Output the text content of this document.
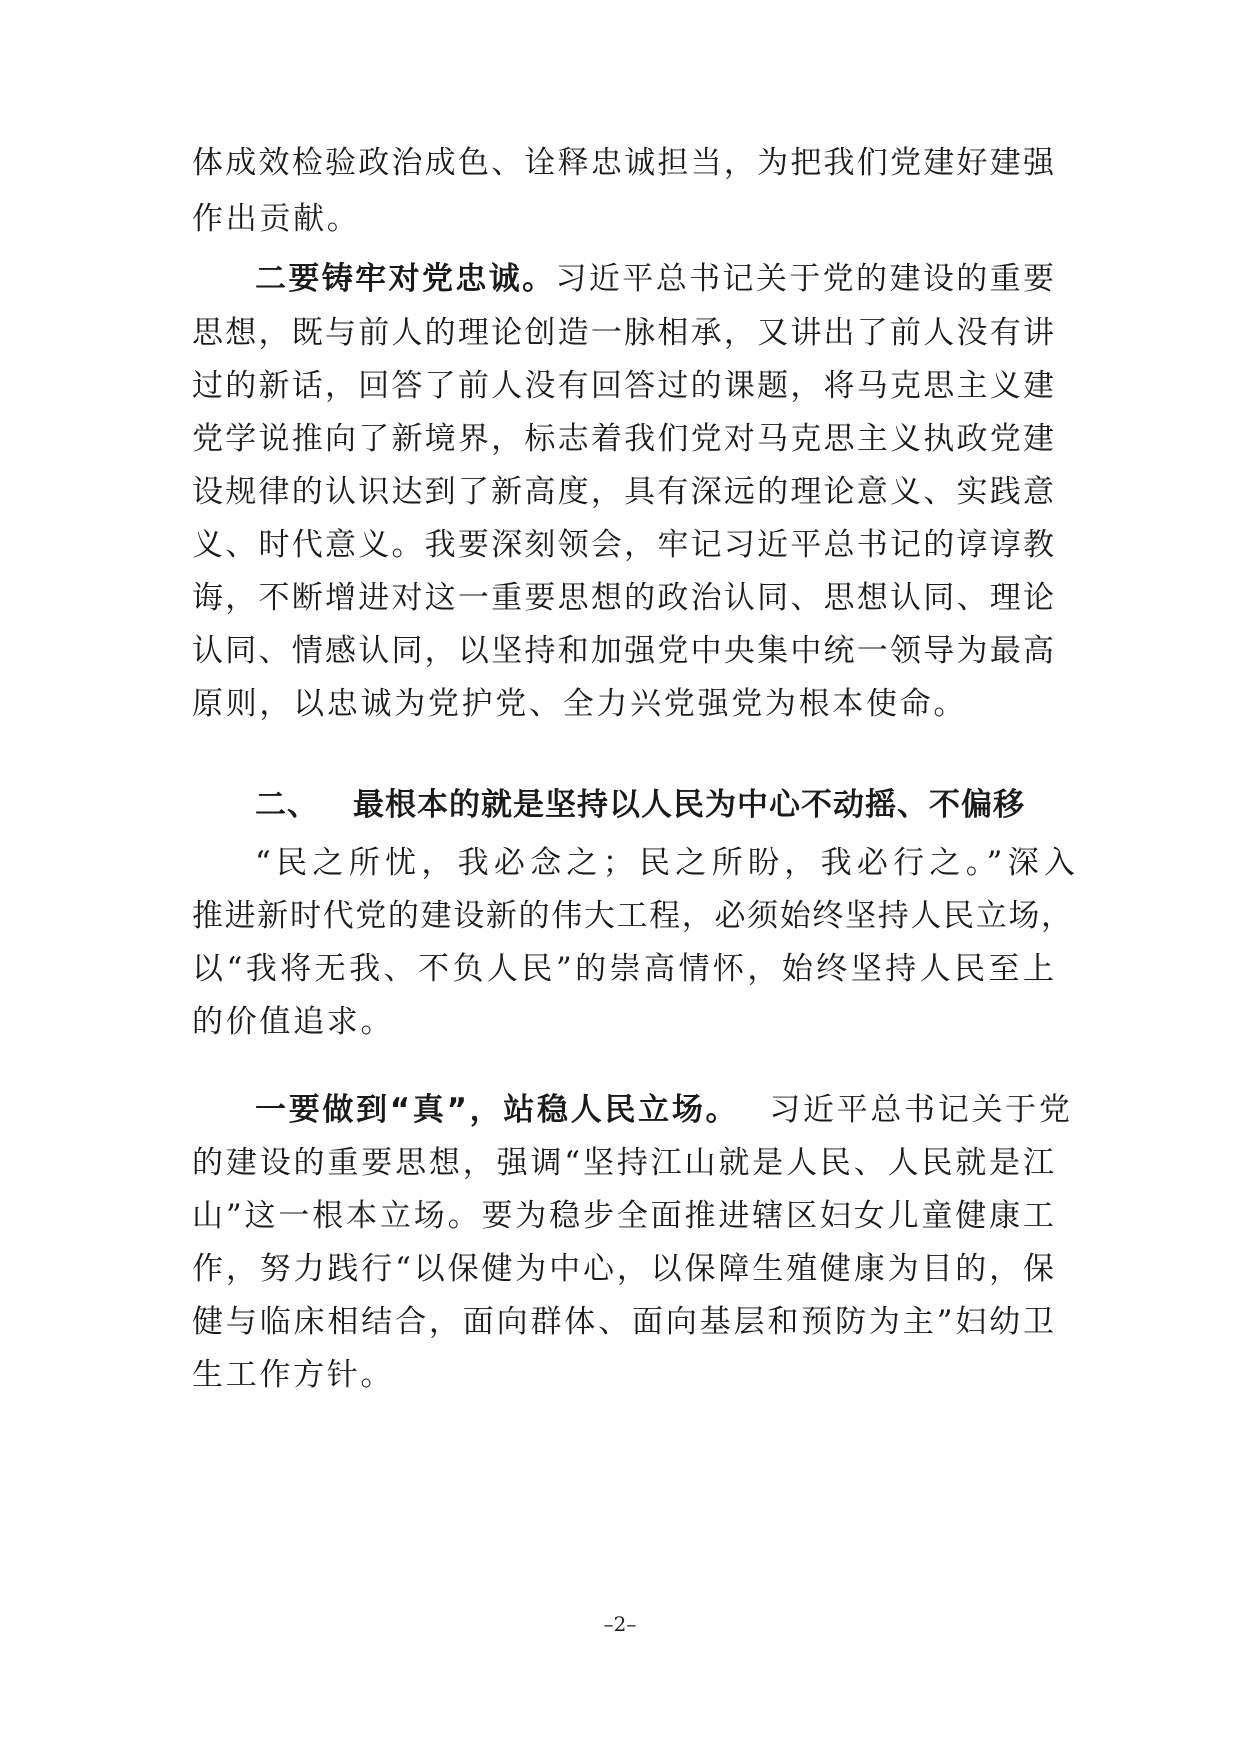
体成效检验政治成色、诠释忠诚担当，为把我们党建好建强
作出贡献。
二要铸牢对党忠诚。习近平总书记关于党的建设的重要
思想，既与前人的理论创造一脉相承，又讲出了前人没有讲
过的新话，回答了前人没有回答过的课题，将马克思主义建
党学说推向了新境界，标志着我们党对马克思主义执政党建
设规律的认识达到了新高度，具有深远的理论意义、实践意
义、时代意义。我要深刻领会，牢记习近平总书记的谆谆教
诲，不断增进对这一重要思想的政治认同、思想认同、理论
认同、情感认同，以坚持和加强党中央集中统一领导为最高
原则，以忠诚为党护党、全力兴党强党为根本使命。
二、 最根本的就是坚持以人民为中心不动摇、不偏移
“民之所忧，我必念之；民之所盼，我必行之。”深入
推进新时代党的建设新的伟大工程，必须始终坚持人民立场，
以“我将无我、不负人民”的崇高情怀，始终坚持人民至上
的价值追求。
一要做到“真”，站稳人民立场。 习近平总书记关于党
的建设的重要思想，强调“坚持江山就是人民、人民就是江
山”这一根本立场。要为稳步全面推进辖区妇女儿童健康工
作，努力践行“以保健为中心，以保障生殖健康为目的，保
健与临床相结合，面向群体、面向基层和预防为主”妇幼卫
生工作方针。
–2–
